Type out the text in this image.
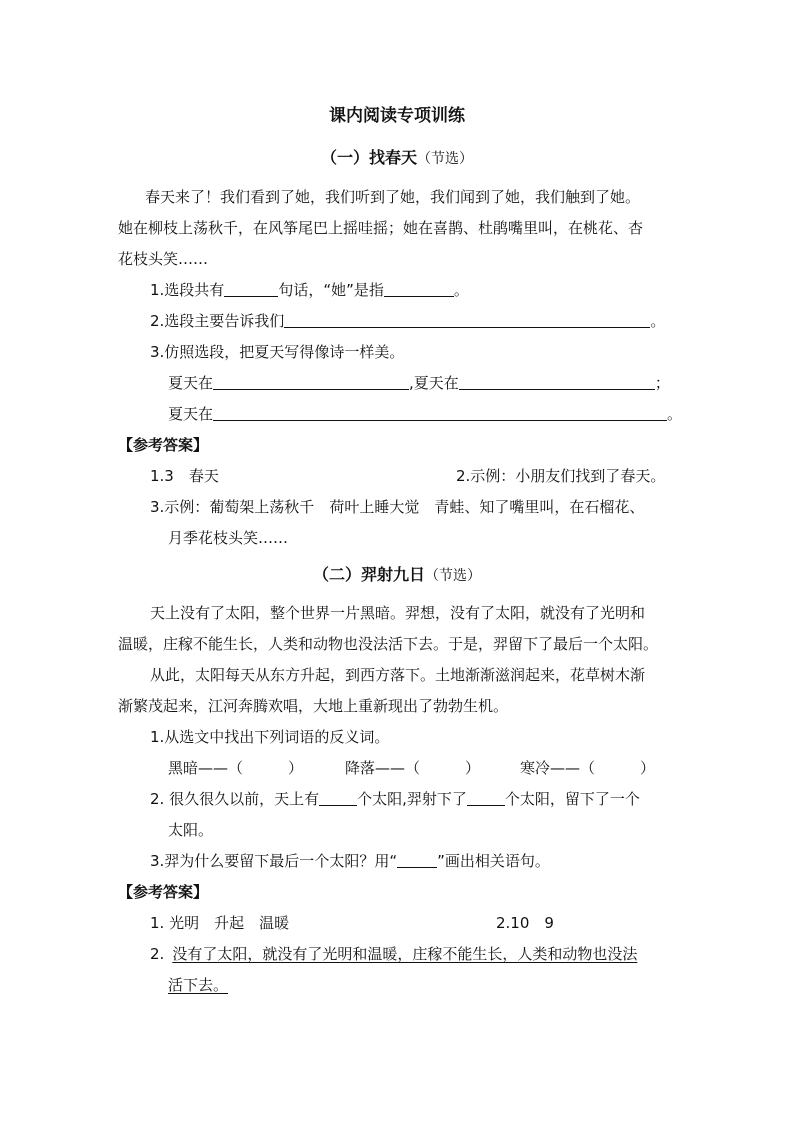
课内阅读专项训练
（一）找春天（节选）
春天来了！我们看到了她，我们听到了她，我们闻到了她，我们触到了她。
她在柳枝上荡秋千，在风筝尾巴上摇哇摇；她在喜鹊、杜鹃嘴里叫，在桃花、杏
花枝头笑……
1.选段共有	句话，“她”是指	。
2.选段主要告诉我们	。
3.仿照选段，把夏天写得像诗一样美。
夏天在	,夏天在	；
夏天在	。
【参考答案】
1.3　春天	2.示例：小朋友们找到了春天。
3.示例：葡萄架上荡秋千　荷叶上睡大觉　青蛙、知了嘴里叫，在石榴花、
月季花枝头笑……
（二）羿射九日（节选）
天上没有了太阳，整个世界一片黑暗。羿想，没有了太阳，就没有了光明和
温暖，庄稼不能生长，人类和动物也没法活下去。于是，羿留下了最后一个太阳。
从此，太阳每天从东方升起，到西方落下。土地渐渐滋润起来，花草树木渐
渐繁茂起来，江河奔腾欢唱，大地上重新现出了勃勃生机。
1.从选文中找出下列词语的反义词。
黑暗——（　　　）	降落——（　　　）	寒冷——（　　　）
2. 很久很久以前，天上有	个太阳,羿射下了	个太阳，留下了一个
太阳。
3.羿为什么要留下最后一个太阳？用“	”画出相关语句。
【参考答案】
1. 光明　升起　温暖	2.10　9
2. 没有了太阳，就没有了光明和温暖，庄稼不能生长，人类和动物也没法
活下去。
